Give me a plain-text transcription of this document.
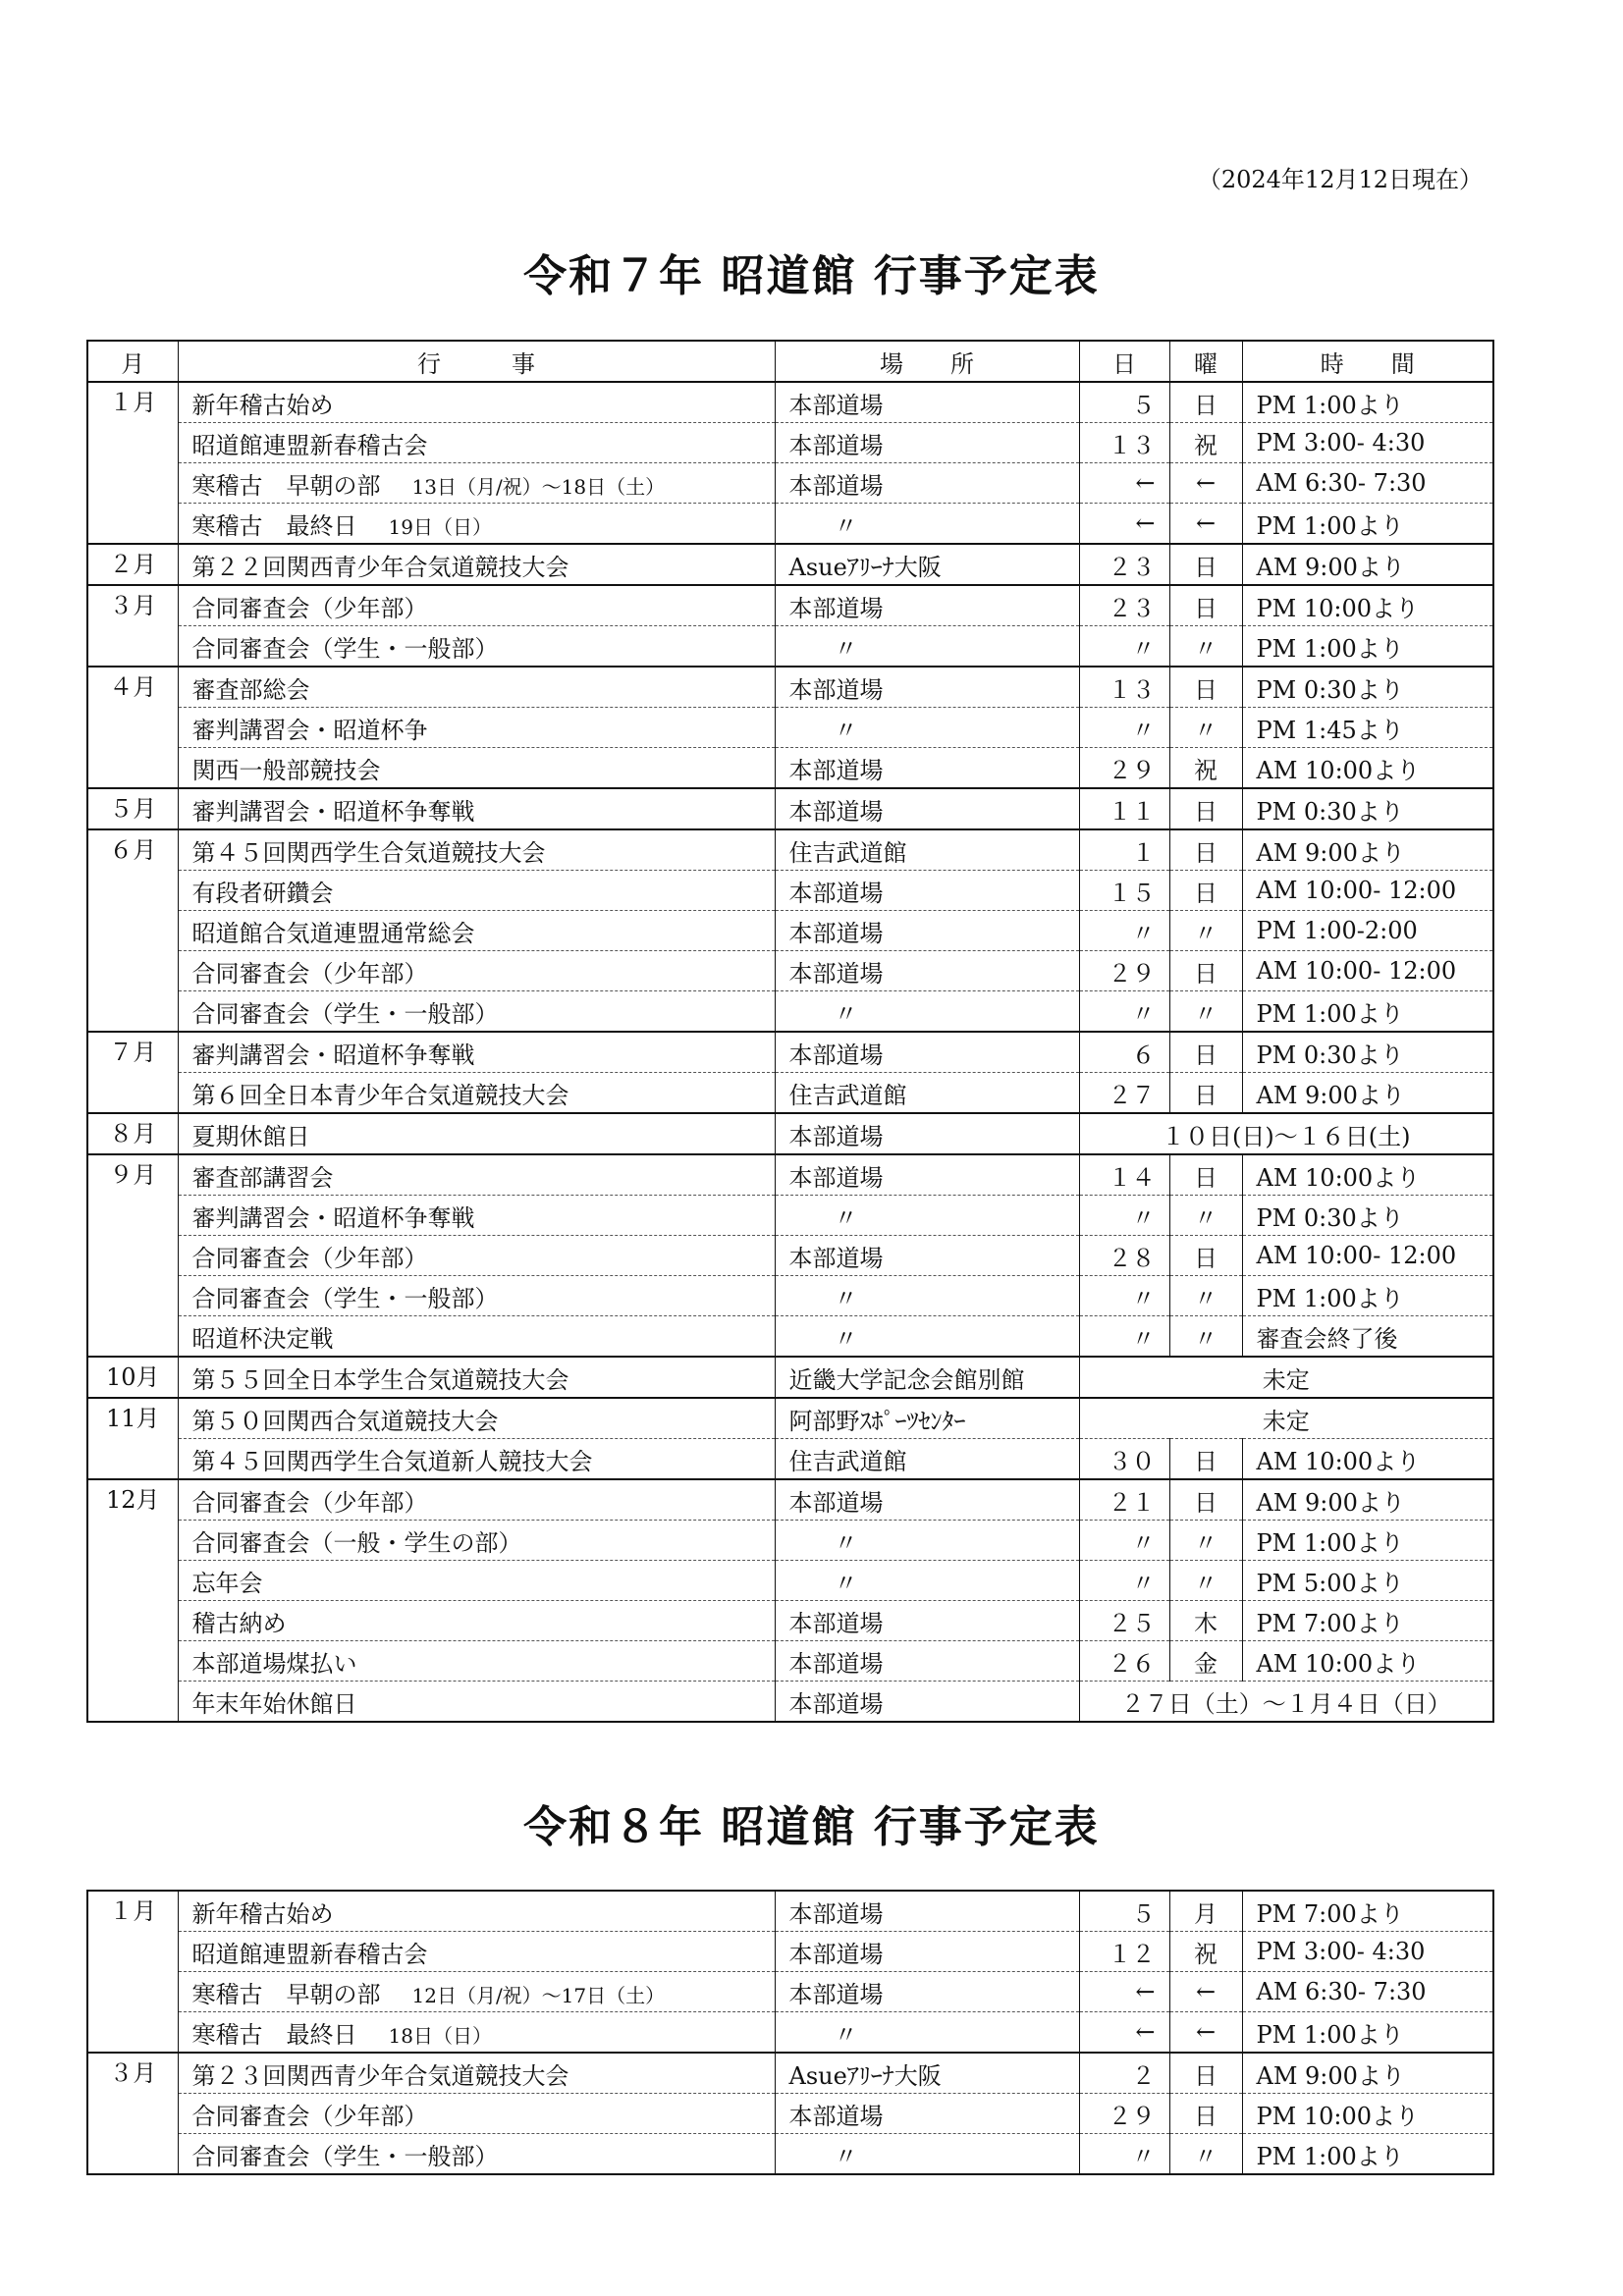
（2024年12月12日現在）
令和７年 昭道館 行事予定表
月	行　　　事	場　　所	日	曜	時　　間
１月	新年稽古始め	本部道場	５	日	PM 1:00より
	昭道館連盟新春稽古会	本部道場	１３	祝	PM 3:00- 4:30
	寒稽古　早朝の部 13日（月/祝）～18日（土）	本部道場	←	←	AM 6:30- 7:30
	寒稽古　最終日 19日（日）	〃	←	←	PM 1:00より
２月	第２２回関西青少年合気道競技大会	Asueｱﾘｰﾅ大阪	２３	日	AM 9:00より
３月	合同審査会（少年部）	本部道場	２３	日	PM 10:00より
	合同審査会（学生・一般部）	〃	〃	〃	PM 1:00より
４月	審査部総会	本部道場	１３	日	PM 0:30より
	審判講習会・昭道杯争	〃	〃	〃	PM 1:45より
	関西一般部競技会	本部道場	２９	祝	AM 10:00より
５月	審判講習会・昭道杯争奪戦	本部道場	１１	日	PM 0:30より
６月	第４５回関西学生合気道競技大会	住吉武道館	１	日	AM 9:00より
	有段者研鑽会	本部道場	１５	日	AM 10:00- 12:00
	昭道館合気道連盟通常総会	本部道場	〃	〃	PM 1:00-2:00
	合同審査会（少年部）	本部道場	２９	日	AM 10:00- 12:00
	合同審査会（学生・一般部）	〃	〃	〃	PM 1:00より
７月	審判講習会・昭道杯争奪戦	本部道場	６	日	PM 0:30より
	第６回全日本青少年合気道競技大会	住吉武道館	２７	日	AM 9:00より
８月	夏期休館日	本部道場	１０日(日)～１６日(土)		
９月	審査部講習会	本部道場	１４	日	AM 10:00より
	審判講習会・昭道杯争奪戦	〃	〃	〃	PM 0:30より
	合同審査会（少年部）	本部道場	２８	日	AM 10:00- 12:00
	合同審査会（学生・一般部）	〃	〃	〃	PM 1:00より
	昭道杯決定戦	〃	〃	〃	審査会終了後
10月	第５５回全日本学生合気道競技大会	近畿大学記念会館別館	未定		
11月	第５０回関西合気道競技大会	阿部野ｽﾎﾟｰﾂｾﾝﾀｰ	未定		
	第４５回関西学生合気道新人競技大会	住吉武道館	３０	日	AM 10:00より
12月	合同審査会（少年部）	本部道場	２１	日	AM 9:00より
	合同審査会（一般・学生の部）	〃	〃	〃	PM 1:00より
	忘年会	〃	〃	〃	PM 5:00より
	稽古納め	本部道場	２５	木	PM 7:00より
	本部道場煤払い	本部道場	２６	金	AM 10:00より
	年末年始休館日	本部道場	２７日（土）～１月４日（日）		
令和８年 昭道館 行事予定表
１月	新年稽古始め	本部道場	５	月	PM 7:00より
	昭道館連盟新春稽古会	本部道場	１２	祝	PM 3:00- 4:30
	寒稽古　早朝の部 12日（月/祝）～17日（土）	本部道場	←	←	AM 6:30- 7:30
	寒稽古　最終日 18日（日）	〃	←	←	PM 1:00より
３月	第２３回関西青少年合気道競技大会	Asueｱﾘｰﾅ大阪	２	日	AM 9:00より
	合同審査会（少年部）	本部道場	２９	日	PM 10:00より
	合同審査会（学生・一般部）	〃	〃	〃	PM 1:00より
